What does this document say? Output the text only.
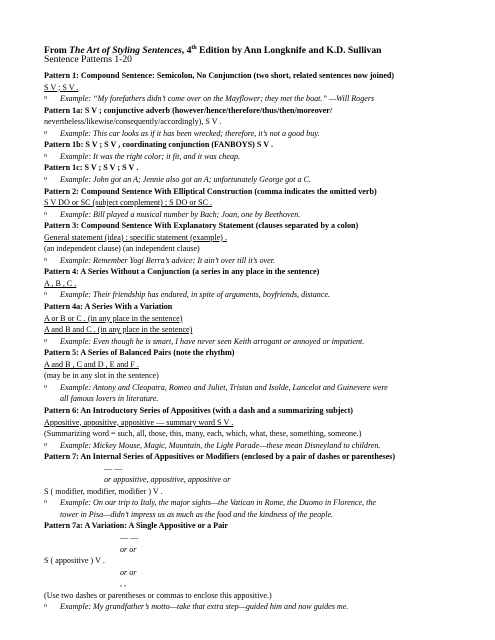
From The Art of Styling Sentences, 4th Edition by Ann Longknife and K.D. Sullivan
Sentence Patterns 1-20
Pattern 1: Compound Sentence: Semicolon, No Conjunction (two short, related sentences now joined)
S V ; S V .
o Example: “My forefathers didn’t come over on the Mayflower; they met the boat.” —Will Rogers
Pattern 1a: S V ; conjunctive adverb (however/hence/therefore/thus/then/moreover/
nevertheless/likewise/consequently/accordingly), S V .
o Example: This car looks as if it has been wrecked; therefore, it’s not a good buy.
Pattern 1b: S V ; S V , coordinating conjunction (FANBOYS) S V .
o Example: It was the right color; it fit, and it was cheap.
Pattern 1c: S V ; S V ; S V .
o Example: John got an A; Jennie also got an A; unfortunately George got a C.
Pattern 2: Compound Sentence With Elliptical Construction (comma indicates the omitted verb)
S V DO or SC (subject complement) ; S DO or SC .
o Example: Bill played a musical number by Bach; Joan, one by Beethoven.
Pattern 3: Compound Sentence With Explanatory Statement (clauses separated by a colon)
General statement (idea) : specific statement (example) .
(an independent clause) (an independent clause)
o Example: Remember Yogi Berra’s advice: It ain’t over till it’s over.
Pattern 4: A Series Without a Conjunction (a series in any place in the sentence)
A , B , C .
o Example: Their friendship has endured, in spite of arguments, boyfriends, distance.
Pattern 4a: A Series With a Variation
A or B or C . (in any place in the sentence)
A and B and C . (in any place in the sentence)
o Example: Even though he is smart, I have never seen Keith arrogant or annoyed or impatient.
Pattern 5: A Series of Balanced Pairs (note the rhythm)
A and B , C and D , E and F .
(may be in any slot in the sentence)
o Example: Antony and Cleopatra, Romeo and Juliet, Tristan and Isolde, Lancelot and Guinevere were
all famous lovers in literature.
Pattern 6: An Introductory Series of Appositives (with a dash and a summarizing subject)
Appositive, appositive, appositive — summary word S V .
(Summarizing word = such, all, those, this, many, each, which, what, these, something, someone.)
o Example: Mickey Mouse, Magic, Mountain, the Light Parade—these mean Disneyland to children.
Pattern 7: An Internal Series of Appositives or Modifiers (enclosed by a pair of dashes or parentheses)
— —
or appositive, appositive, appositive or
S ( modifier, modifier, modifier ) V .
o Example: On our trip to Italy, the major sights—the Vatican in Rome, the Duomo in Florence, the
tower in Pisa—didn’t impress us as much as the food and the kindness of the people.
Pattern 7a: A Variation: A Single Appositive or a Pair
— —
or or
S ( appositive ) V .
or or
, ,
(Use two dashes or parentheses or commas to enclose this appositive.)
o Example: My grandfather’s motto—take that extra step—guided him and now guides me.
